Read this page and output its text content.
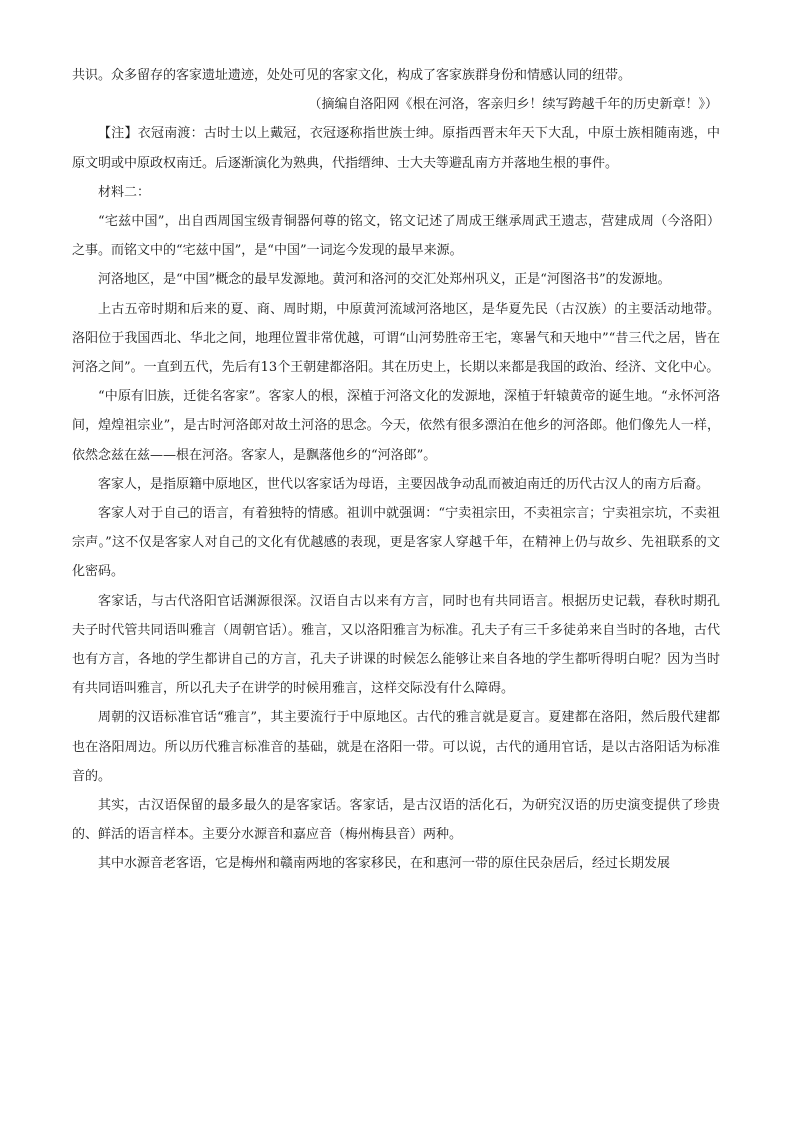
共识。众多留存的客家遗址遗迹，处处可见的客家文化，构成了客家族群身份和情感认同的纽带。

（摘编自洛阳网《根在河洛，客亲归乡！续写跨越千年的历史新章！》）

【注】衣冠南渡：古时士以上戴冠，衣冠逐称指世族士绅。原指西晋末年天下大乱，中原士族相随南逃，中原文明或中原政权南迁。后逐渐演化为熟典，代指缙绅、士大夫等避乱南方并落地生根的事件。

材料二：

“宅兹中国”，出自西周国宝级青铜器何尊的铭文，铭文记述了周成王继承周武王遗志，营建成周（今洛阳）之事。而铭文中的“宅兹中国”，是“中国”一词迄今发现的最早来源。

河洛地区，是“中国”概念的最早发源地。黄河和洛河的交汇处郑州巩义，正是“河图洛书”的发源地。

上古五帝时期和后来的夏、商、周时期，中原黄河流域河洛地区，是华夏先民（古汉族）的主要活动地带。洛阳位于我国西北、华北之间，地理位置非常优越，可谓“山河势胜帝王宅，寒暑气和天地中”“昔三代之居，皆在河洛之间”。一直到五代，先后有13个王朝建都洛阳。其在历史上，长期以来都是我国的政治、经济、文化中心。

“中原有旧族，迁徙名客家”。客家人的根，深植于河洛文化的发源地，深植于轩辕黄帝的诞生地。“永怀河洛间，煌煌祖宗业”，是古时河洛郎对故土河洛的思念。今天，依然有很多漂泊在他乡的河洛郎。他们像先人一样，依然念兹在兹——根在河洛。客家人，是飘落他乡的“河洛郎”。

客家人，是指原籍中原地区，世代以客家话为母语，主要因战争动乱而被迫南迁的历代古汉人的南方后裔。

客家人对于自己的语言，有着独特的情感。祖训中就强调：“宁卖祖宗田，不卖祖宗言；宁卖祖宗坑，不卖祖宗声。”这不仅是客家人对自己的文化有优越感的表现，更是客家人穿越千年，在精神上仍与故乡、先祖联系的文化密码。

客家话，与古代洛阳官话渊源很深。汉语自古以来有方言，同时也有共同语言。根据历史记载，春秋时期孔夫子时代管共同语叫雅言（周朝官话）。雅言，又以洛阳雅言为标准。孔夫子有三千多徒弟来自当时的各地，古代也有方言，各地的学生都讲自己的方言，孔夫子讲课的时候怎么能够让来自各地的学生都听得明白呢？因为当时有共同语叫雅言，所以孔夫子在讲学的时候用雅言，这样交际没有什么障碍。

周朝的汉语标准官话“雅言”，其主要流行于中原地区。古代的雅言就是夏言。夏建都在洛阳，然后殷代建都也在洛阳周边。所以历代雅言标准音的基础，就是在洛阳一带。可以说，古代的通用官话，是以古洛阳话为标准音的。

其实，古汉语保留的最多最久的是客家话。客家话，是古汉语的活化石，为研究汉语的历史演变提供了珍贵的、鲜活的语言样本。主要分水源音和嘉应音（梅州梅县音）两种。

其中水源音老客语，它是梅州和赣南两地的客家移民，在和惠河一带的原住民杂居后，经过长期发展
